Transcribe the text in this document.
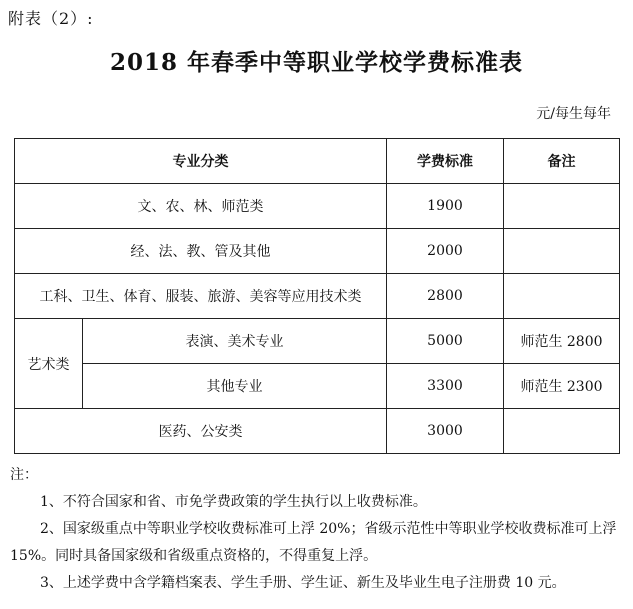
附表（2）:
2018 年春季中等职业学校学费标准表
元/每生每年
专业分类		学费标准	备注
文、农、林、师范类		1900	
经、法、教、管及其他		2000	
工科、卫生、体育、服装、旅游、美容等应用技术类		2800	
艺术类	表演、美术专业	5000	师范生 2800
	其他专业	3300	师范生 2300
医药、公安类		3000	

注：

1、不符合国家和省、市免学费政策的学生执行以上收费标准。

2、国家级重点中等职业学校收费标准可上浮 20%；省级示范性中等职业学校收费标准可上浮 15%。同时具备国家级和省级重点资格的，不得重复上浮。

3、上述学费中含学籍档案表、学生手册、学生证、新生及毕业生电子注册费 10 元。
